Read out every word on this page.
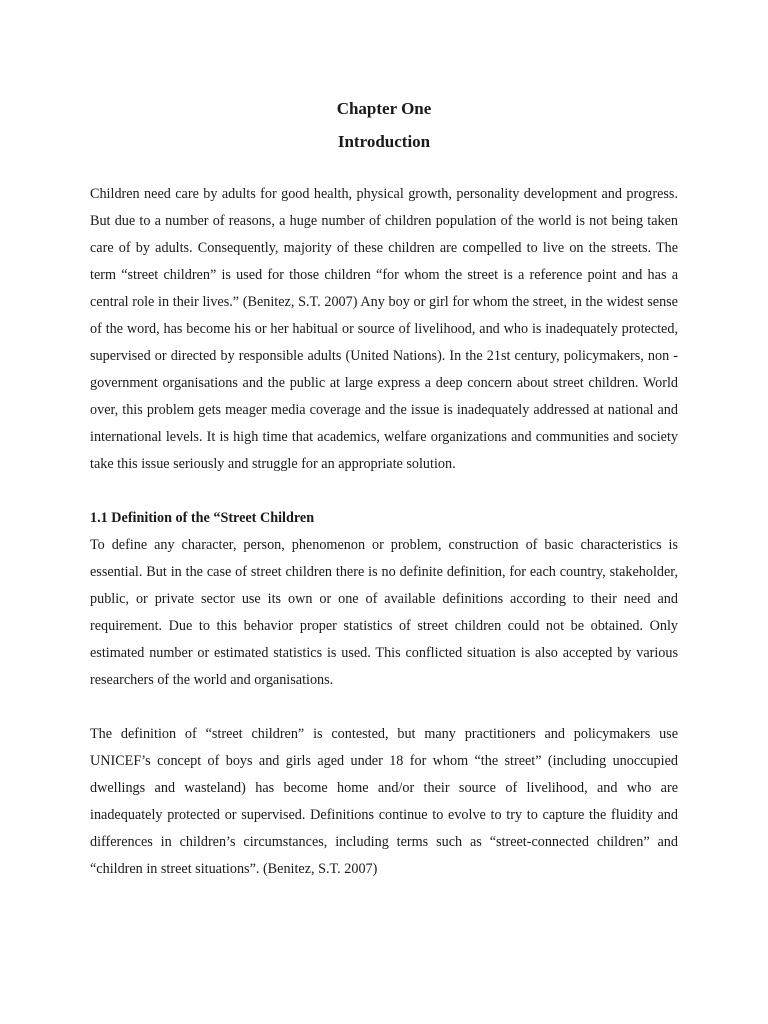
Chapter One
Introduction

Children need care by adults for good health, physical growth, personality development and progress. But due to a number of reasons, a huge number of children population of the world is not being taken care of by adults. Consequently, majority of these children are compelled to live on the streets. The term “street children” is used for those children “for whom the street is a reference point and has a central role in their lives.” (Benitez, S.T. 2007) Any boy or girl for whom the street, in the widest sense of the word, has become his or her habitual or source of livelihood, and who is inadequately protected, supervised or directed by responsible adults (United Nations). In the 21st century, policymakers, non - government organisations and the public at large express a deep concern about street children. World over, this problem gets meager media coverage and the issue is inadequately addressed at national and international levels. It is high time that academics, welfare organizations and communities and society take this issue seriously and struggle for an appropriate solution.

1.1 Definition of the “Street Children

To define any character, person, phenomenon or problem, construction of basic characteristics is essential. But in the case of street children there is no definite definition, for each country, stakeholder, public, or private sector use its own or one of available definitions according to their need and requirement. Due to this behavior proper statistics of street children could not be obtained. Only estimated number or estimated statistics is used. This conflicted situation is also accepted by various researchers of the world and organisations.

The definition of “street children” is contested, but many practitioners and policymakers use UNICEF’s concept of boys and girls aged under 18 for whom “the street” (including unoccupied dwellings and wasteland) has become home and/or their source of livelihood, and who are inadequately protected or supervised. Definitions continue to evolve to try to capture the fluidity and differences in children’s circumstances, including terms such as “street-connected children” and “children in street situations”. (Benitez, S.T. 2007)
